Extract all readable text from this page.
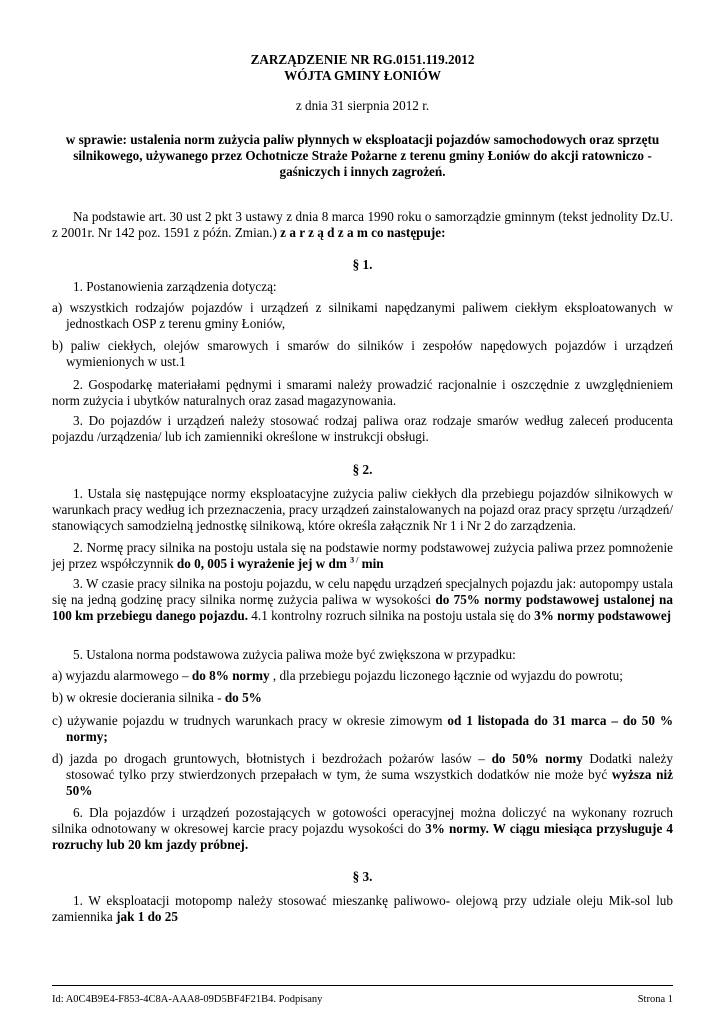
ZARZĄDZENIE NR RG.0151.119.2012
WÓJTA GMINY ŁONIÓW
z dnia 31 sierpnia 2012 r.
w sprawie: ustalenia norm zużycia paliw płynnych w eksploatacji pojazdów samochodowych oraz sprzętu silnikowego, używanego przez Ochotnicze Straże Pożarne z terenu gminy Łoniów do akcji ratowniczo - gaśniczych i innych zagrożeń.
Na podstawie art. 30 ust 2 pkt 3 ustawy z dnia 8 marca 1990 roku o samorządzie gminnym (tekst jednolity Dz.U. z 2001r. Nr 142 poz. 1591 z późn. Zmian.) z a r z ą d z a m co następuje:
§ 1.
1. Postanowienia zarządzenia dotyczą:
a) wszystkich rodzajów pojazdów i urządzeń z silnikami napędzanymi paliwem ciekłym eksploatowanych w jednostkach OSP z terenu gminy Łoniów,
b) paliw ciekłych, olejów smarowych i smarów do silników i zespołów napędowych pojazdów i urządzeń wymienionych w ust.1
2. Gospodarkę materiałami pędnymi i smarami należy prowadzić racjonalnie i oszczędnie z uwzględnieniem norm zużycia i ubytków naturalnych oraz zasad magazynowania.
3. Do pojazdów i urządzeń należy stosować rodzaj paliwa oraz rodzaje smarów według zaleceń producenta pojazdu /urządzenia/ lub ich zamienniki określone w instrukcji obsługi.
§ 2.
1. Ustala się następujące normy eksploatacyjne zużycia paliw ciekłych dla przebiegu pojazdów silnikowych w warunkach pracy według ich przeznaczenia, pracy urządzeń zainstalowanych na pojazd oraz pracy sprzętu /urządzeń/ stanowiących samodzielną jednostkę silnikową, które określa załącznik Nr 1 i Nr 2 do zarządzenia.
2. Normę pracy silnika na postoju ustala się na podstawie normy podstawowej zużycia paliwa przez pomnożenie jej przez współczynnik do 0, 005 i wyrażenie jej w dm $^{3 /}$ min
3. W czasie pracy silnika na postoju pojazdu, w celu napędu urządzeń specjalnych pojazdu jak: autopompy ustala się na jedną godzinę pracy silnika normę zużycia paliwa w wysokości do 75% normy podstawowej ustalonej na 100 km przebiegu danego pojazdu. 4.1 kontrolny rozruch silnika na postoju ustala się do 3% normy podstawowej
5. Ustalona norma podstawowa zużycia paliwa może być zwiększona w przypadku:
a) wyjazdu alarmowego – do 8% normy , dla przebiegu pojazdu liczonego łącznie od wyjazdu do powrotu;
b) w okresie docierania silnika - do 5%
c) używanie pojazdu w trudnych warunkach pracy w okresie zimowym od 1 listopada do 31 marca – do 50 % normy;
d) jazda po drogach gruntowych, błotnistych i bezdrożach pożarów lasów – do 50% normy Dodatki należy stosować tylko przy stwierdzonych przepałach w tym, że suma wszystkich dodatków nie może być wyższa niż 50%
6. Dla pojazdów i urządzeń pozostających w gotowości operacyjnej można doliczyć na wykonany rozruch silnika odnotowany w okresowej karcie pracy pojazdu wysokości do 3% normy. W ciągu miesiąca przysługuje 4 rozruchy lub 20 km jazdy próbnej.
§ 3.
1. W eksploatacji motopomp należy stosować mieszankę paliwowo- olejową przy udziale oleju Mik-sol lub zamiennika jak 1 do 25
Id: A0C4B9E4-F853-4C8A-AAA8-09D5BF4F21B4. Podpisany	Strona 1
